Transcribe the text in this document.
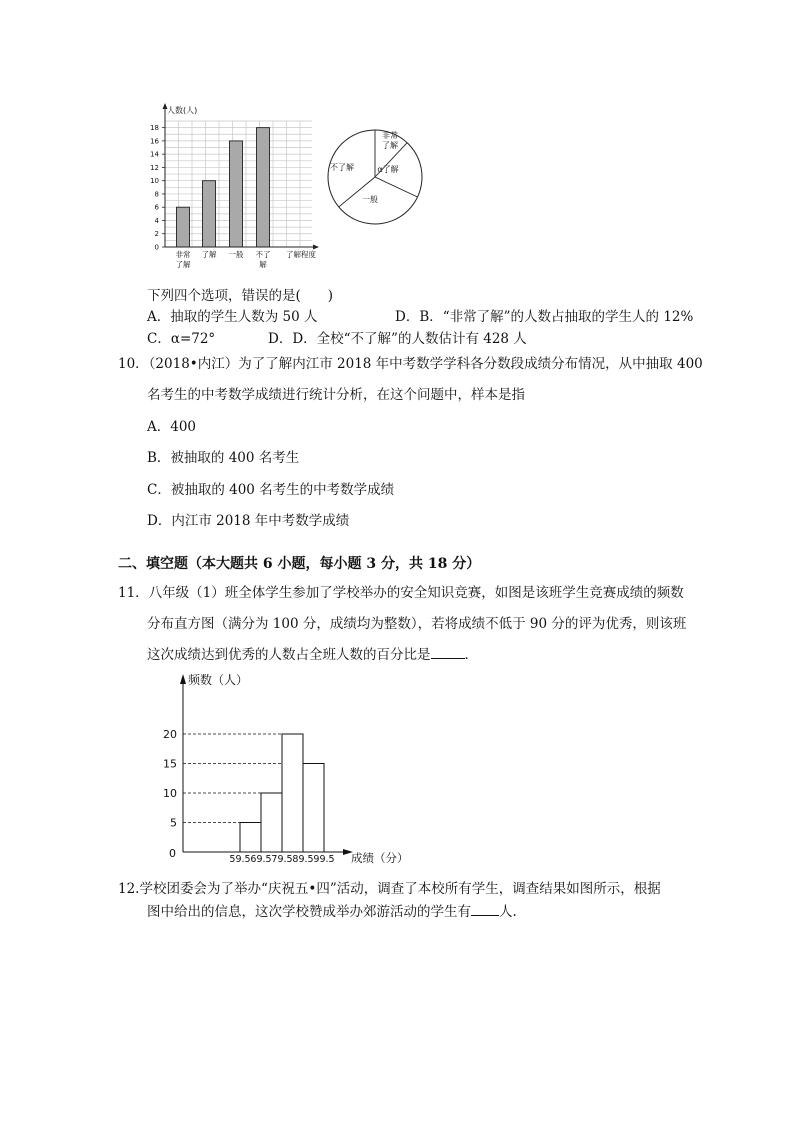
0
2
4
6
8
10
12
14
16
18
非常
了解
了解 一般 不了
解
了解程度
人数(人)
非常
了解
α了解
一般
不了解
下列四个选项，错误的是(　　)
A．抽取的学生人数为 50 人	D．B．“非常了解”的人数占抽取的学生人的 12%
C．α=72°	D．D．全校“不了解”的人数估计有 428 人
10．（2018•内江）为了了解内江市 2018 年中考数学学科各分数段成绩分布情况，从中抽取 400
名考生的中考数学成绩进行统计分析，在这个问题中，样本是指
A．400
B．被抽取的 400 名考生
C．被抽取的 400 名考生的中考数学成绩
D．内江市 2018 年中考数学成绩
二、填空题（本大题共 6 小题，每小题 3 分，共 18 分）
11．八年级（1）班全体学生参加了学校举办的安全知识竞赛，如图是该班学生竞赛成绩的频数
分布直方图（满分为 100 分，成绩均为整数），若将成绩不低于 90 分的评为优秀，则该班
这次成绩达到优秀的人数占全班人数的百分比是	．
频数（人）
0
5
10
15
20
59.5 69.5 79.5 89.5 99.5 成绩（分）
12.学校团委会为了举办“庆祝五•四”活动，调查了本校所有学生，调查结果如图所示，根据
图中给出的信息，这次学校赞成举办郊游活动的学生有 人.
